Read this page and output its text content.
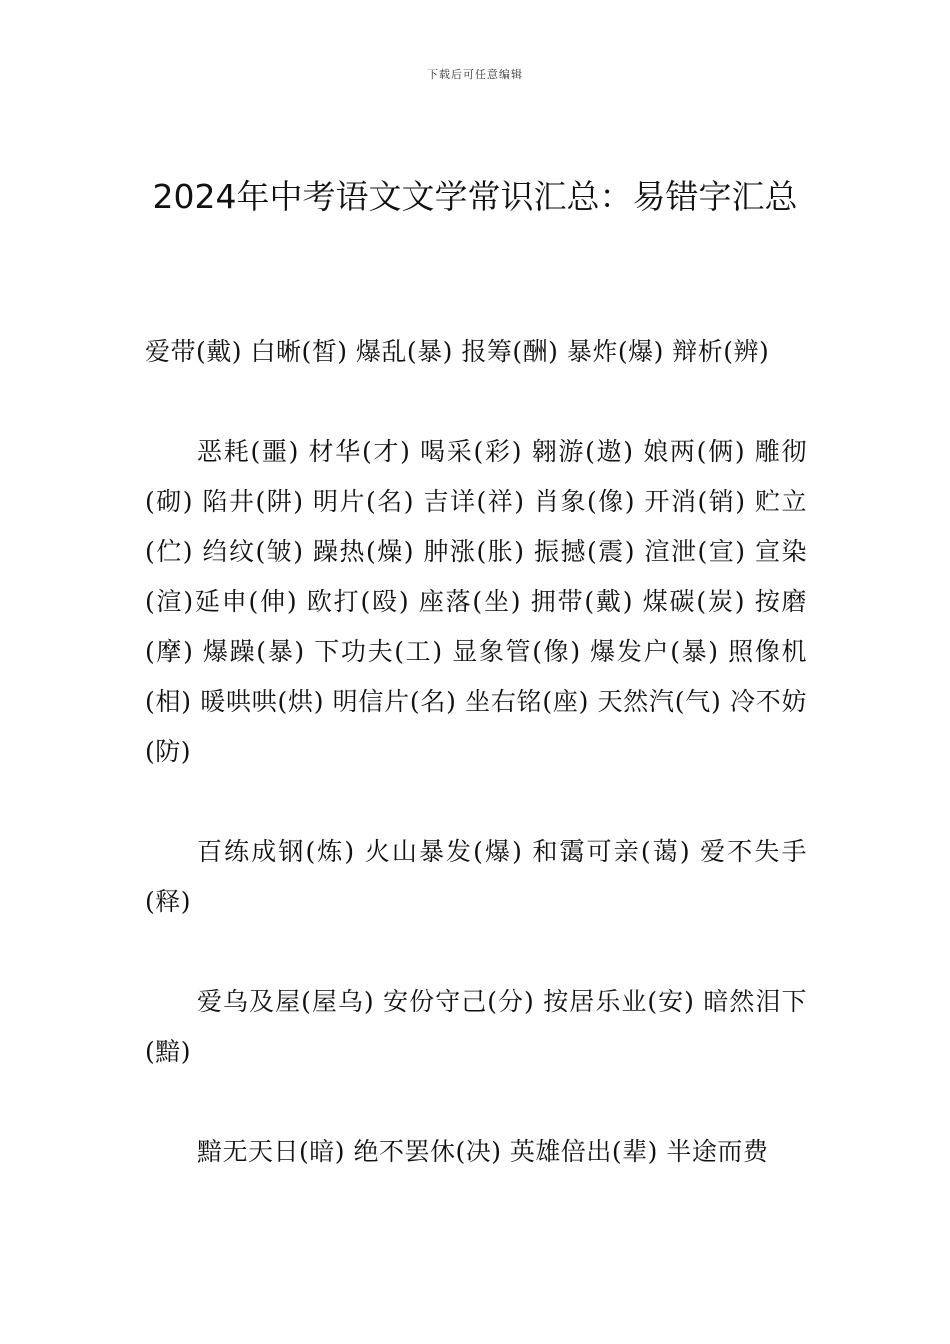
下载后可任意编辑
2024年中考语文文学常识汇总：易错字汇总

爱带(戴) 白晰(皙) 爆乱(暴) 报筹(酬) 暴炸(爆) 辩析(辨)

恶耗(噩) 材华(才) 喝采(彩) 翱游(遨) 娘两(俩) 雕彻(砌) 陷井(阱) 明片(名) 吉详(祥) 肖象(像) 开消(销) 贮立(伫) 绉纹(皱) 躁热(燥) 肿涨(胀) 振撼(震) 渲泄(宣) 宣染(渲)延申(伸) 欧打(殴) 座落(坐) 拥带(戴) 煤碳(炭) 按磨(摩) 爆躁(暴) 下功夫(工) 显象管(像) 爆发户(暴) 照像机(相) 暖哄哄(烘) 明信片(名) 坐右铭(座) 天然汽(气) 冷不妨(防)

百练成钢(炼) 火山暴发(爆) 和霭可亲(蔼) 爱不失手(释)

爱乌及屋(屋乌) 安份守己(分) 按居乐业(安) 暗然泪下(黯)

黯无天日(暗) 绝不罢休(决) 英雄倍出(辈) 半途而费
